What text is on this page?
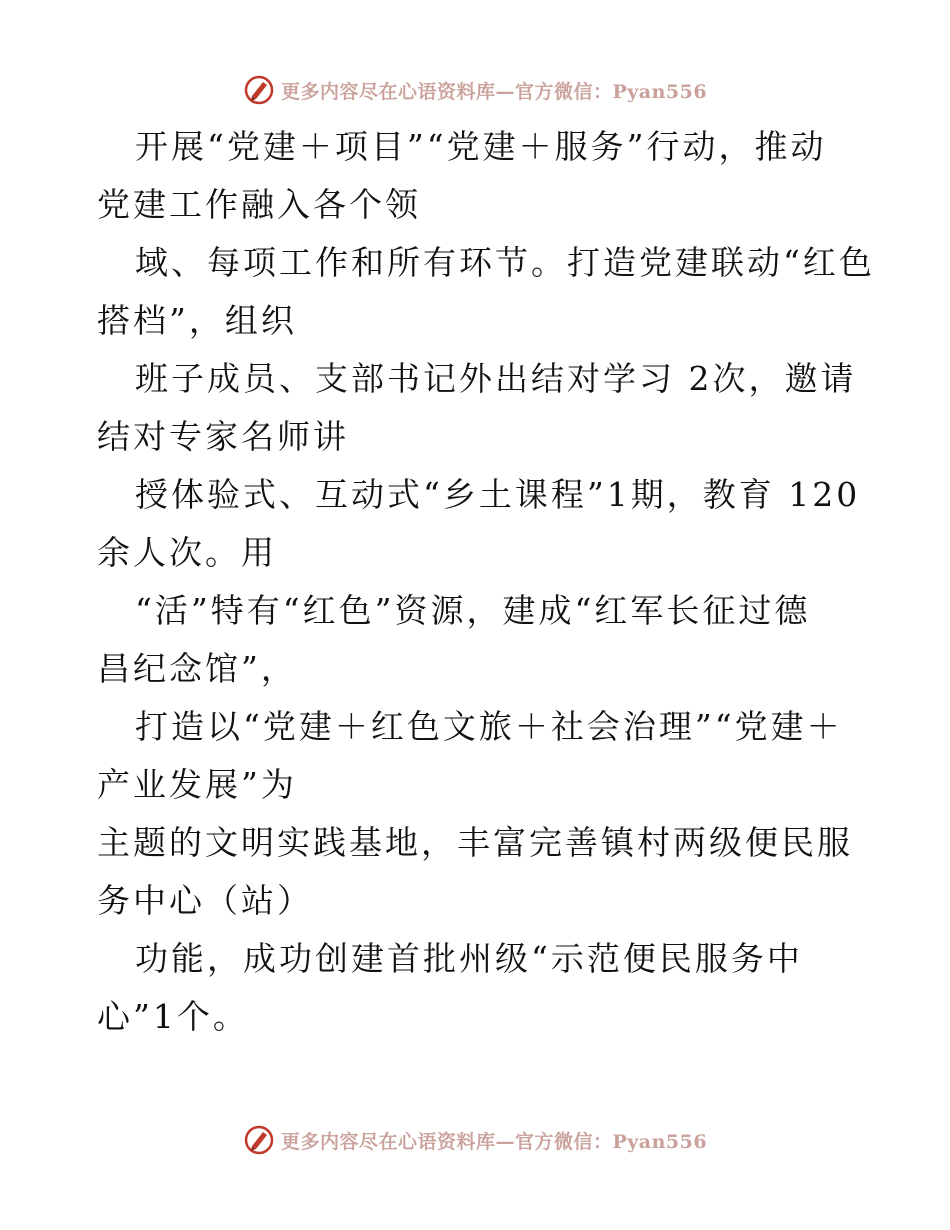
更多内容尽在心语资料库—官方微信：Pyan556
开展“党建＋项目”“党建＋服务”行动，推动
党建工作融入各个领
域、每项工作和所有环节。打造党建联动“红色
搭档”，组织
班子成员、支部书记外出结对学习 2次，邀请
结对专家名师讲
授体验式、互动式“乡土课程”1期，教育 120
余人次。用
“活”特有“红色”资源，建成“红军长征过德
昌纪念馆”，
打造以“党建＋红色文旅＋社会治理”“党建＋
产业发展”为
主题的文明实践基地，丰富完善镇村两级便民服
务中心（站）
功能，成功创建首批州级“示范便民服务中
心”1个。
更多内容尽在心语资料库—官方微信：Pyan556
